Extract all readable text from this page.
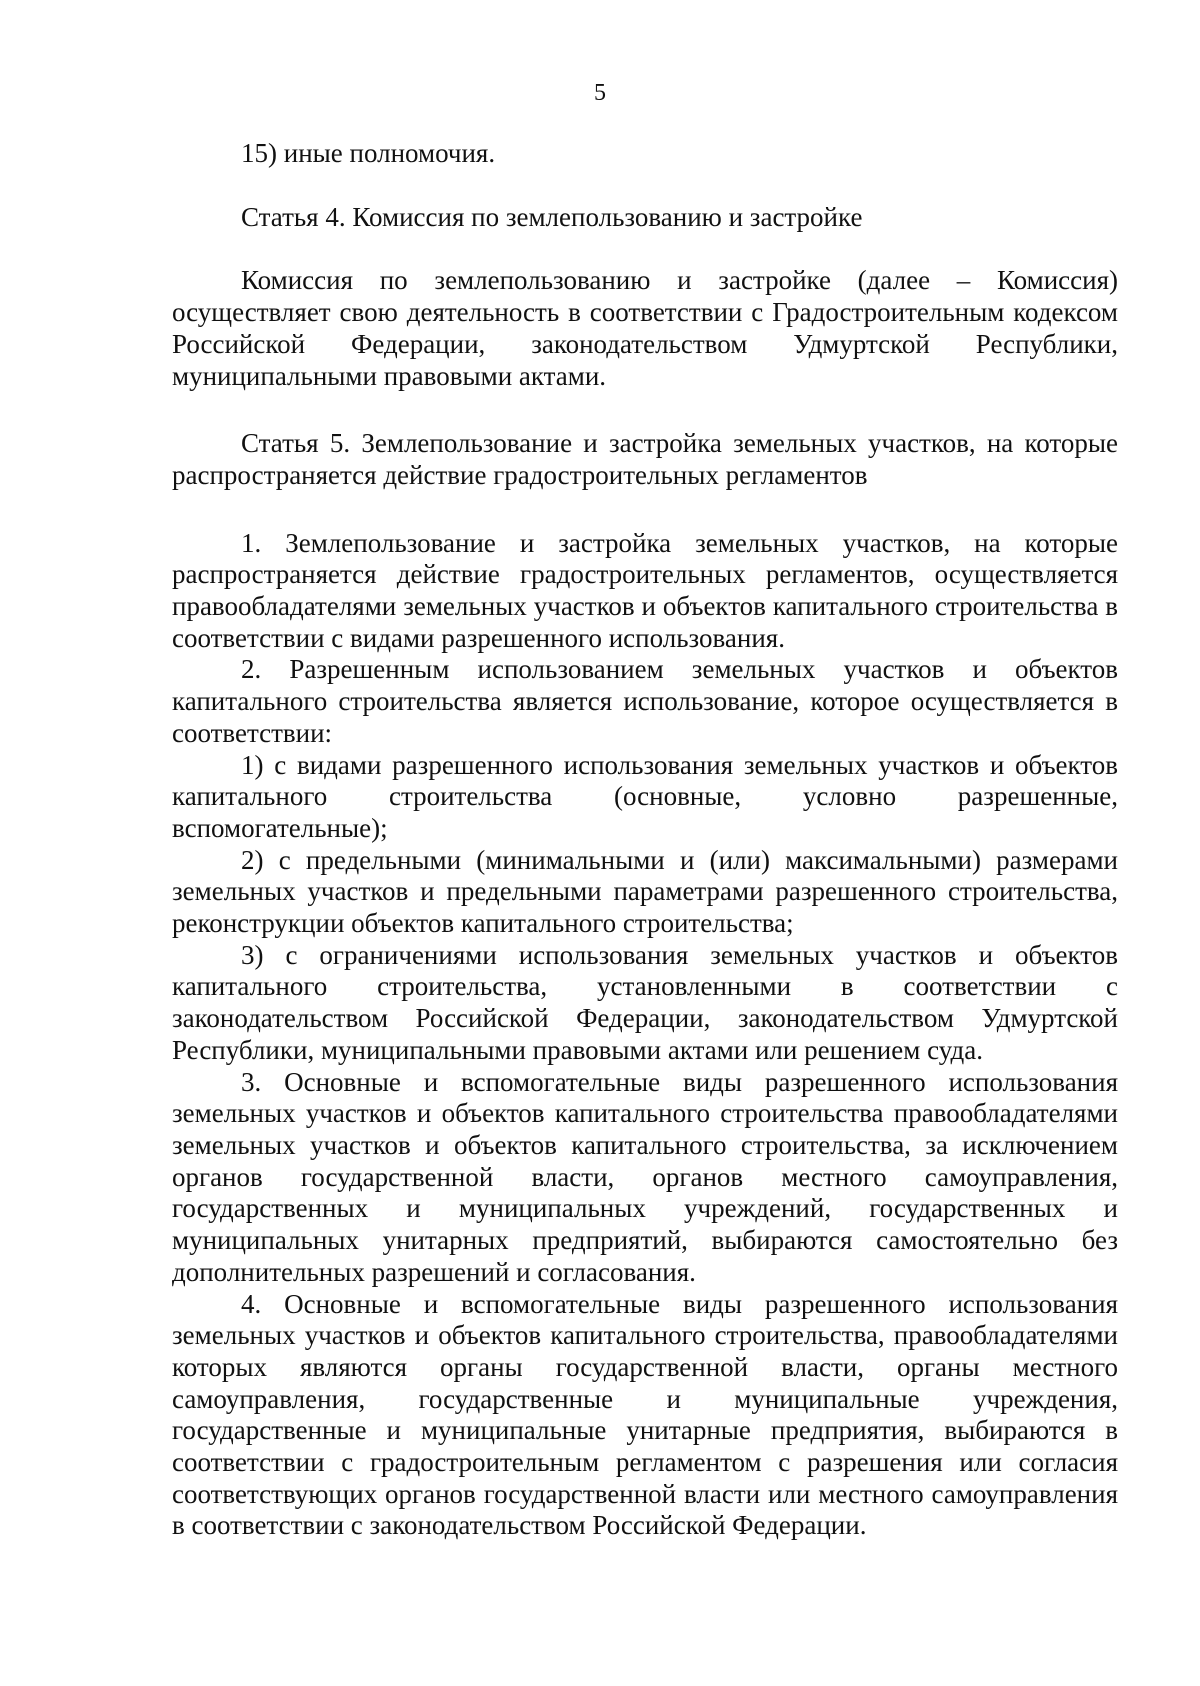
5

15) иные полномочия.

Статья 4. Комиссия по землепользованию и застройке

Комиссия по землепользованию и застройке (далее – Комиссия) осуществляет свою деятельность в соответствии с Градостроительным кодексом Российской Федерации, законодательством Удмуртской Республики, муниципальными правовыми актами.

Статья 5. Землепользование и застройка земельных участков, на которые распространяется действие градостроительных регламентов

1. Землепользование и застройка земельных участков, на которые распространяется действие градостроительных регламентов, осуществляется правообладателями земельных участков и объектов капитального строительства в соответствии с видами разрешенного использования.

2. Разрешенным использованием земельных участков и объектов капитального строительства является использование, которое осуществляется в соответствии:

1) с видами разрешенного использования земельных участков и объектов капитального строительства (основные, условно разрешенные, вспомогательные);

2) с предельными (минимальными и (или) максимальными) размерами земельных участков и предельными параметрами разрешенного строительства, реконструкции объектов капитального строительства;

3) с ограничениями использования земельных участков и объектов капитального строительства, установленными в соответствии с законодательством Российской Федерации, законодательством Удмуртской Республики, муниципальными правовыми актами или решением суда.

3. Основные и вспомогательные виды разрешенного использования земельных участков и объектов капитального строительства правообладателями земельных участков и объектов капитального строительства, за исключением органов государственной власти, органов местного самоуправления, государственных и муниципальных учреждений, государственных и муниципальных унитарных предприятий, выбираются самостоятельно без дополнительных разрешений и согласования.

4. Основные и вспомогательные виды разрешенного использования земельных участков и объектов капитального строительства, правообладателями которых являются органы государственной власти, органы местного самоуправления, государственные и муниципальные учреждения, государственные и муниципальные унитарные предприятия, выбираются в соответствии с градостроительным регламентом с разрешения или согласия соответствующих органов государственной власти или местного самоуправления в соответствии с законодательством Российской Федерации.
